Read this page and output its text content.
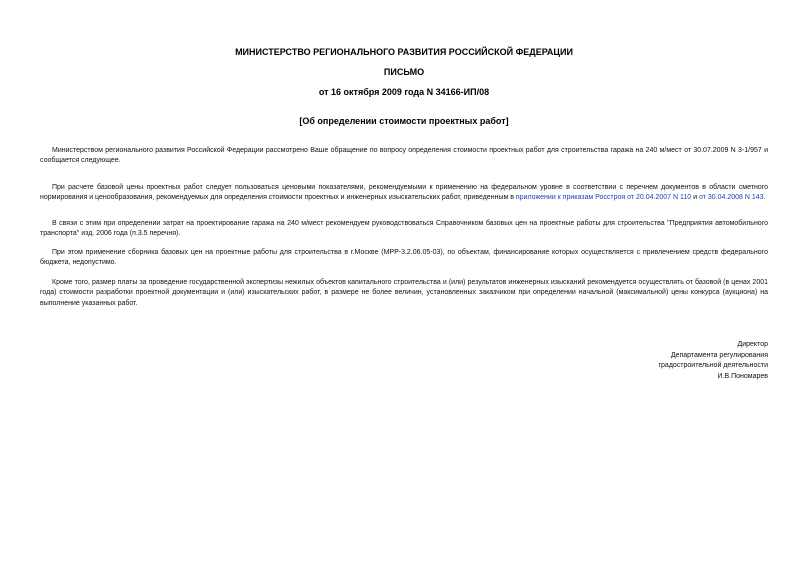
МИНИСТЕРСТВО РЕГИОНАЛЬНОГО РАЗВИТИЯ РОССИЙСКОЙ ФЕДЕРАЦИИ

ПИСЬМО

от 16 октября 2009 года N 34166-ИП/08

[Об определении стоимости проектных работ]

Министерством регионального развития Российской Федерации рассмотрено Ваше обращение по вопросу определения стоимости проектных работ для строительства гаража на 240 м/мест от 30.07.2009 N 3-1/957 и сообщается следующее.

При расчете базовой цены проектных работ следует пользоваться ценовыми показателями, рекомендуемыми к применению на федеральном уровне в соответствии с перечнем документов в области сметного нормирования и ценообразования, рекомендуемых для определения стоимости проектных и инженерных изыскательских работ, приведенным в приложении к приказам Росстроя от 20.04.2007 N 110 и от 30.04.2008 N 143.

В связи с этим при определении затрат на проектирование гаража на 240 м/мест рекомендуем руководствоваться Справочником базовых цен на проектные работы для строительства "Предприятия автомобильного транспорта" изд. 2006 года (п.3.5 перечня).

При этом применение сборника базовых цен на проектные работы для строительства в г.Москве (МРР-3.2.06.05-03), по объектам, финансирование которых осуществляется с привлечением средств федерального бюджета, недопустимо.

Кроме того, размер платы за проведение государственной экспертизы нежилых объектов капитального строительства и (или) результатов инженерных изысканий рекомендуется осуществлять от базовой (в ценах 2001 года) стоимости разработки проектной документации и (или) изыскательских работ, в размере не более величин, установленных заказчиком при определении начальной (максимальной) цены конкурса (аукциона) на выполнение указанных работ.

Директор
Департамента регулирования
градостроительной деятельности
И.В.Пономарев
